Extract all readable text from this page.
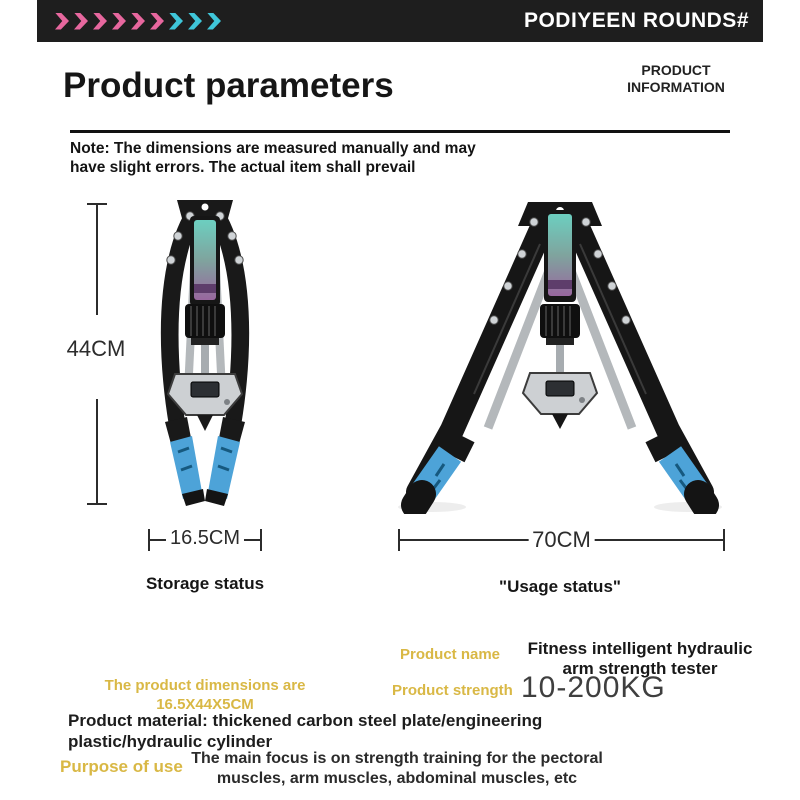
PODIYEEN ROUNDS#
Product parameters	PRODUCT
INFORMATION
Note: The dimensions are measured manually and may
have slight errors. The actual item shall prevail
44CM
16.5CM	70CM
Storage status	"Usage status"
Product name	Fitness intelligent hydraulic
arm strength tester
Product strength 10-200KG
The product dimensions are
16.5X44X5CM
Product material: thickened carbon steel plate/engineering
plastic/hydraulic cylinder
Purpose of use The main focus is on strength training for the pectoral
muscles, arm muscles, abdominal muscles, etc
